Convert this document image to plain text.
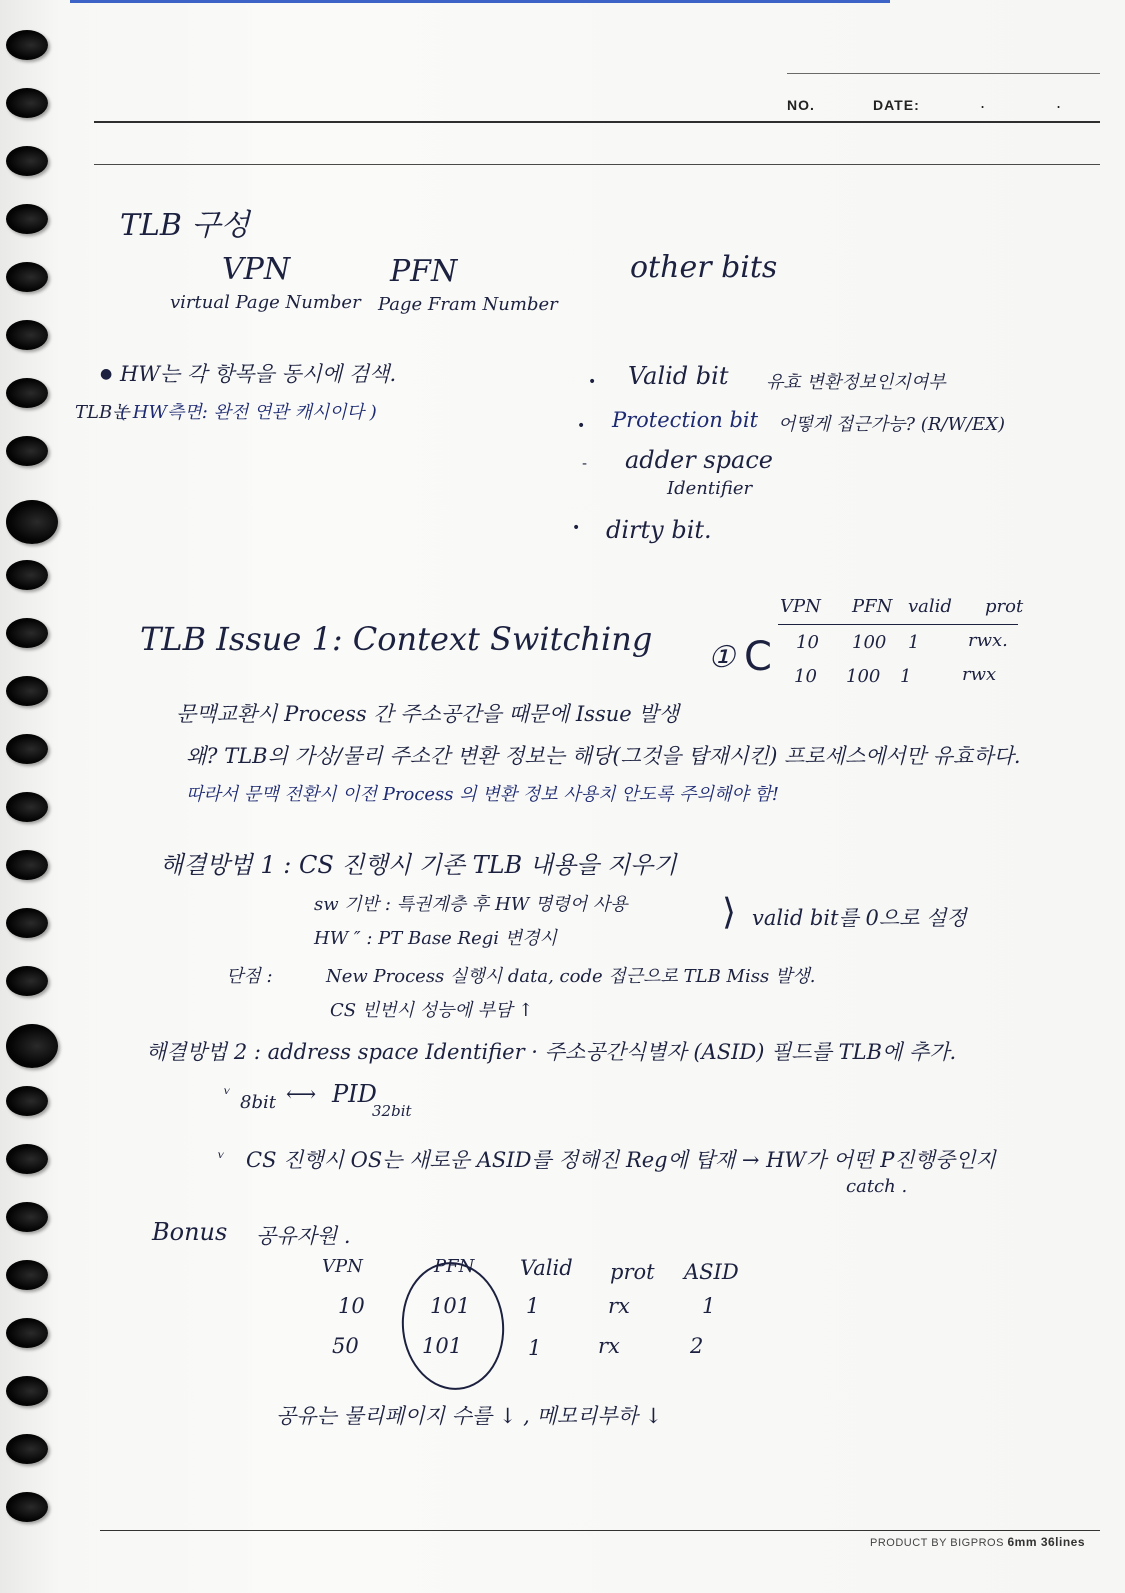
NO.	DATE:	.	.
TLB 구성
VPN
virtual Page Number
PFN
Page Fram Number
other bits
● HW는 각 항목을 동시에 검색.
TLB는
( HW측면: 완전 연관 캐시이다 )
• Valid bit 유효 변환정보인지여부
• Protection bit 어떻게 접근가능? (R/W/EX)
- adder space
Identifier
• dirty bit.
TLB Issue 1: Context Switching ① C
VPN PFN valid prot
10 100 1	rwx.
10 100 1	rwx
문맥교환시 Process 간 주소공간을 때문에 Issue 발생
왜? TLB의 가상/물리 주소간 변환 정보는 해당(그것을 탑재시킨) 프로세스에서만 유효하다.
따라서 문맥 전환시 이전 Process 의 변환 정보 사용치 안도록 주의해야 함!
해결방법 1 : CS 진행시 기존 TLB 내용을 지우기
sw 기반 : 특권계층 후 HW 명령어 사용
HW ″ : PT Base Regi 변경시
⟩ valid bit를 0으로 설정
단점 :	New Process 실행시 data, code 접근으로 TLB Miss 발생.
CS 빈번시 성능에 부담 ↑
해결방법 2 : address space Identifier · 주소공간식별자 (ASID) 필드를 TLB에 추가.
ᵛ 8bit ⟷ PID
32bit
ᵛ CS 진행시 OS는 새로운 ASID를 정해진 Reg에 탑재 → HW가 어떤 P진행중인지
catch .
Bonus 공유자원 .
VPN	PFN Valid prot ASID
10	101	1	rx	1
50	101	1	rx	2
공유는 물리페이지 수를 ↓ , 메모리부하 ↓
PRODUCT BY BIGPROS 6mm 36lines
